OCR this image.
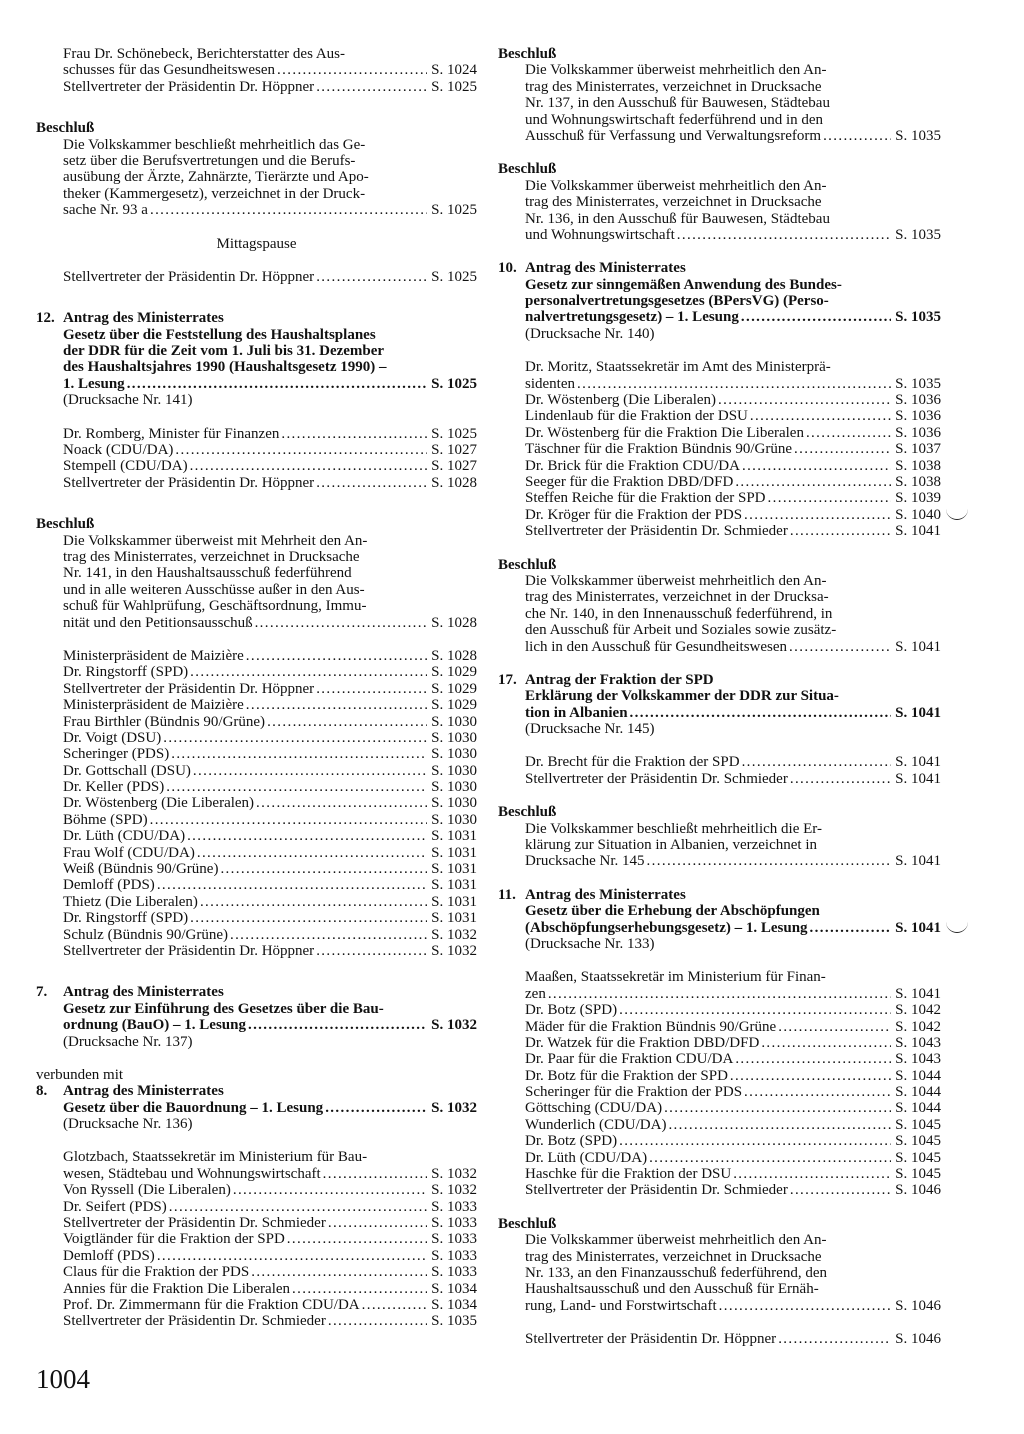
Frau Dr. Schönebeck, Berichterstatter des Aus-
schusses für das Gesundheitswesen . . .	S. 1024
Stellvertreter der Präsidentin Dr. Höppner . . .	S. 1025
Beschluß
Die Volkskammer beschließt mehrheitlich das Ge-
setz über die Berufsvertretungen und die Berufs-
ausübung der Ärzte, Zahnärzte, Tierärzte und Apo-
theker (Kammergesetz), verzeichnet in der Druck-
sache Nr. 93 a . . .	S. 1025
Mittagspause
Stellvertreter der Präsidentin Dr. Höppner . . .	S. 1025
12. Antrag des Ministerrates
Gesetz über die Feststellung des Haushaltsplanes
der DDR für die Zeit vom 1. Juli bis 31. Dezember
des Haushaltsjahres 1990 (Haushaltsgesetz 1990) –
1. Lesung . . .	S. 1025
(Drucksache Nr. 141)
Dr. Romberg, Minister für Finanzen . . .	S. 1025
Noack (CDU/DA) . . .	S. 1027
Stempell (CDU/DA) . . .	S. 1027
Stellvertreter der Präsidentin Dr. Höppner . . .	S. 1028
Beschluß
Die Volkskammer überweist mit Mehrheit den An-
trag des Ministerrates, verzeichnet in Drucksache
Nr. 141, in den Haushaltsausschuß federführend
und in alle weiteren Ausschüsse außer in den Aus-
schuß für Wahlprüfung, Geschäftsordnung, Immu-
nität und den Petitionsausschuß . . .	S. 1028
Ministerpräsident de Maizière . . .	S. 1028
Dr. Ringstorff (SPD) . . .	S. 1029
Stellvertreter der Präsidentin Dr. Höppner . . .	S. 1029
Ministerpräsident de Maizière . . .	S. 1029
Frau Birthler (Bündnis 90/Grüne) . . .	S. 1030
Dr. Voigt (DSU) . . .	S. 1030
Scheringer (PDS) . . .	S. 1030
Dr. Gottschall (DSU) . . .	S. 1030
Dr. Keller (PDS) . . .	S. 1030
Dr. Wöstenberg (Die Liberalen) . . .	S. 1030
Böhme (SPD) . . .	S. 1030
Dr. Lüth (CDU/DA) . . .	S. 1031
Frau Wolf (CDU/DA) . . .	S. 1031
Weiß (Bündnis 90/Grüne) . . .	S. 1031
Demloff (PDS) . . .	S. 1031
Thietz (Die Liberalen) . . .	S. 1031
Dr. Ringstorff (SPD) . . .	S. 1031
Schulz (Bündnis 90/Grüne) . . .	S. 1032
Stellvertreter der Präsidentin Dr. Höppner . . .	S. 1032
7. Antrag des Ministerrates
Gesetz zur Einführung des Gesetzes über die Bau-
ordnung (BauO) – 1. Lesung . . .	S. 1032
(Drucksache Nr. 137)
verbunden mit
8. Antrag des Ministerrates
Gesetz über die Bauordnung – 1. Lesung . . .	S. 1032
(Drucksache Nr. 136)
Glotzbach, Staatssekretär im Ministerium für Bau-
wesen, Städtebau und Wohnungswirtschaft . . .	S. 1032
Von Ryssell (Die Liberalen) . . .	S. 1032
Dr. Seifert (PDS) . . .	S. 1033
Stellvertreter der Präsidentin Dr. Schmieder . . .	S. 1033
Voigtländer für die Fraktion der SPD . . .	S. 1033
Demloff (PDS) . . .	S. 1033
Claus für die Fraktion der PDS . . .	S. 1033
Annies für die Fraktion Die Liberalen . . .	S. 1034
Prof. Dr. Zimmermann für die Fraktion CDU/DA . . .	S. 1034
Stellvertreter der Präsidentin Dr. Schmieder . . .	S. 1035
Beschluß
Die Volkskammer überweist mehrheitlich den An-
trag des Ministerrates, verzeichnet in Drucksache
Nr. 137, in den Ausschuß für Bauwesen, Städtebau
und Wohnungswirtschaft federführend und in den
Ausschuß für Verfassung und Verwaltungsreform . . .	S. 1035
Beschluß
Die Volkskammer überweist mehrheitlich den An-
trag des Ministerrates, verzeichnet in Drucksache
Nr. 136, in den Ausschuß für Bauwesen, Städtebau
und Wohnungswirtschaft . . .	S. 1035
10. Antrag des Ministerrates
Gesetz zur sinngemäßen Anwendung des Bundes-
personalvertretungsgesetzes (BPersVG) (Perso-
nalvertretungsgesetz) – 1. Lesung . . .	S. 1035
(Drucksache Nr. 140)
Dr. Moritz, Staatssekretär im Amt des Ministerprä-
sidenten . . .	S. 1035
Dr. Wöstenberg (Die Liberalen) . . .	S. 1036
Lindenlaub für die Fraktion der DSU . . .	S. 1036
Dr. Wöstenberg für die Fraktion Die Liberalen . . .	S. 1036
Täschner für die Fraktion Bündnis 90/Grüne . . .	S. 1037
Dr. Brick für die Fraktion CDU/DA . . .	S. 1038
Seeger für die Fraktion DBD/DFD . . .	S. 1038
Steffen Reiche für die Fraktion der SPD . . .	S. 1039
Dr. Kröger für die Fraktion der PDS . . .	S. 1040
Stellvertreter der Präsidentin Dr. Schmieder . . .	S. 1041
Beschluß
Die Volkskammer überweist mehrheitlich den An-
trag des Ministerrates, verzeichnet in der Drucksa-
che Nr. 140, in den Innenausschuß federführend, in
den Ausschuß für Arbeit und Soziales sowie zusätz-
lich in den Ausschuß für Gesundheitswesen . . .	S. 1041
17. Antrag der Fraktion der SPD
Erklärung der Volkskammer der DDR zur Situa-
tion in Albanien . . .	S. 1041
(Drucksache Nr. 145)
Dr. Brecht für die Fraktion der SPD . . .	S. 1041
Stellvertreter der Präsidentin Dr. Schmieder . . .	S. 1041
Beschluß
Die Volkskammer beschließt mehrheitlich die Er-
klärung zur Situation in Albanien, verzeichnet in
Drucksache Nr. 145 . . .	S. 1041
11. Antrag des Ministerrates
Gesetz über die Erhebung der Abschöpfungen
(Abschöpfungserhebungsgesetz) – 1. Lesung . . .	S. 1041
(Drucksache Nr. 133)
Maaßen, Staatssekretär im Ministerium für Finan-
zen . . .	S. 1041
Dr. Botz (SPD) . . .	S. 1042
Mäder für die Fraktion Bündnis 90/Grüne . . .	S. 1042
Dr. Watzek für die Fraktion DBD/DFD . . .	S. 1043
Dr. Paar für die Fraktion CDU/DA . . .	S. 1043
Dr. Botz für die Fraktion der SPD . . .	S. 1044
Scheringer für die Fraktion der PDS . . .	S. 1044
Göttsching (CDU/DA) . . .	S. 1044
Wunderlich (CDU/DA) . . .	S. 1045
Dr. Botz (SPD) . . .	S. 1045
Dr. Lüth (CDU/DA) . . .	S. 1045
Haschke für die Fraktion der DSU . . .	S. 1045
Stellvertreter der Präsidentin Dr. Schmieder . . .	S. 1046
Beschluß
Die Volkskammer überweist mehrheitlich den An-
trag des Ministerrates, verzeichnet in Drucksache
Nr. 133, an den Finanzausschuß federführend, den
Haushaltsausschuß und den Ausschuß für Ernäh-
rung, Land- und Forstwirtschaft . . .	S. 1046
Stellvertreter der Präsidentin Dr. Höppner . . .	S. 1046
1004
